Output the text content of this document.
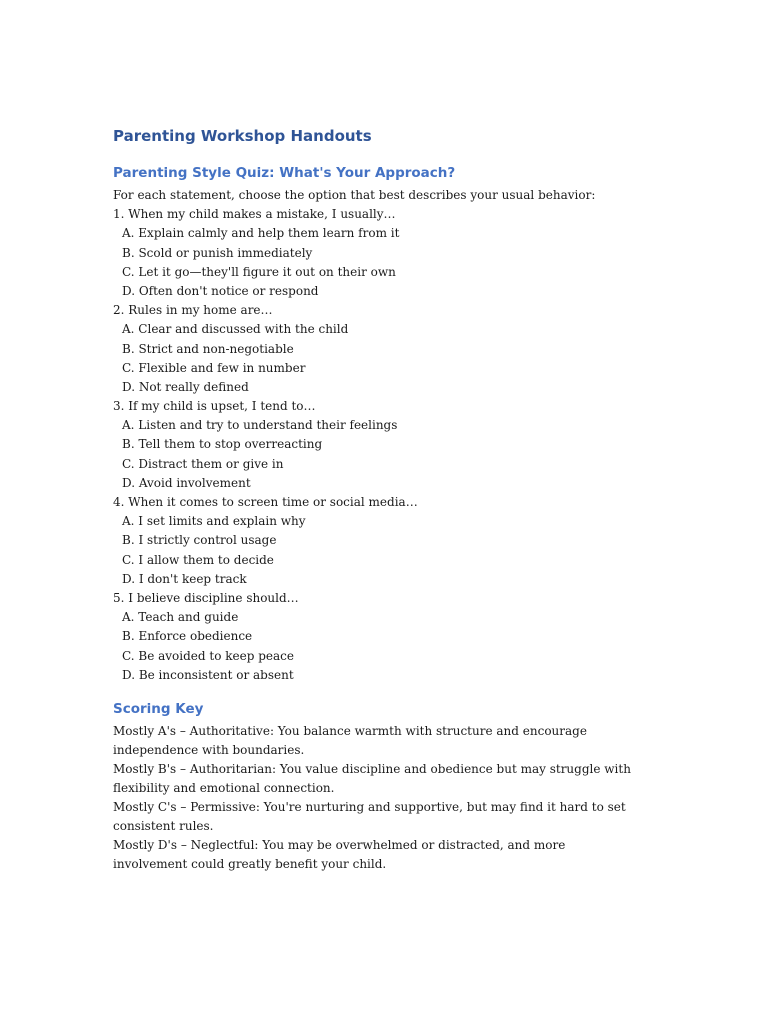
Parenting Workshop Handouts
Parenting Style Quiz: What's Your Approach?
For each statement, choose the option that best describes your usual behavior:
1. When my child makes a mistake, I usually…
A. Explain calmly and help them learn from it
B. Scold or punish immediately
C. Let it go—they'll figure it out on their own
D. Often don't notice or respond
2. Rules in my home are…
A. Clear and discussed with the child
B. Strict and non-negotiable
C. Flexible and few in number
D. Not really defined
3. If my child is upset, I tend to…
A. Listen and try to understand their feelings
B. Tell them to stop overreacting
C. Distract them or give in
D. Avoid involvement
4. When it comes to screen time or social media…
A. I set limits and explain why
B. I strictly control usage
C. I allow them to decide
D. I don't keep track
5. I believe discipline should…
A. Teach and guide
B. Enforce obedience
C. Be avoided to keep peace
D. Be inconsistent or absent
Scoring Key
Mostly A's – Authoritative: You balance warmth with structure and encourage independence with boundaries.
Mostly B's – Authoritarian: You value discipline and obedience but may struggle with flexibility and emotional connection.
Mostly C's – Permissive: You're nurturing and supportive, but may find it hard to set consistent rules.
Mostly D's – Neglectful: You may be overwhelmed or distracted, and more involvement could greatly benefit your child.
